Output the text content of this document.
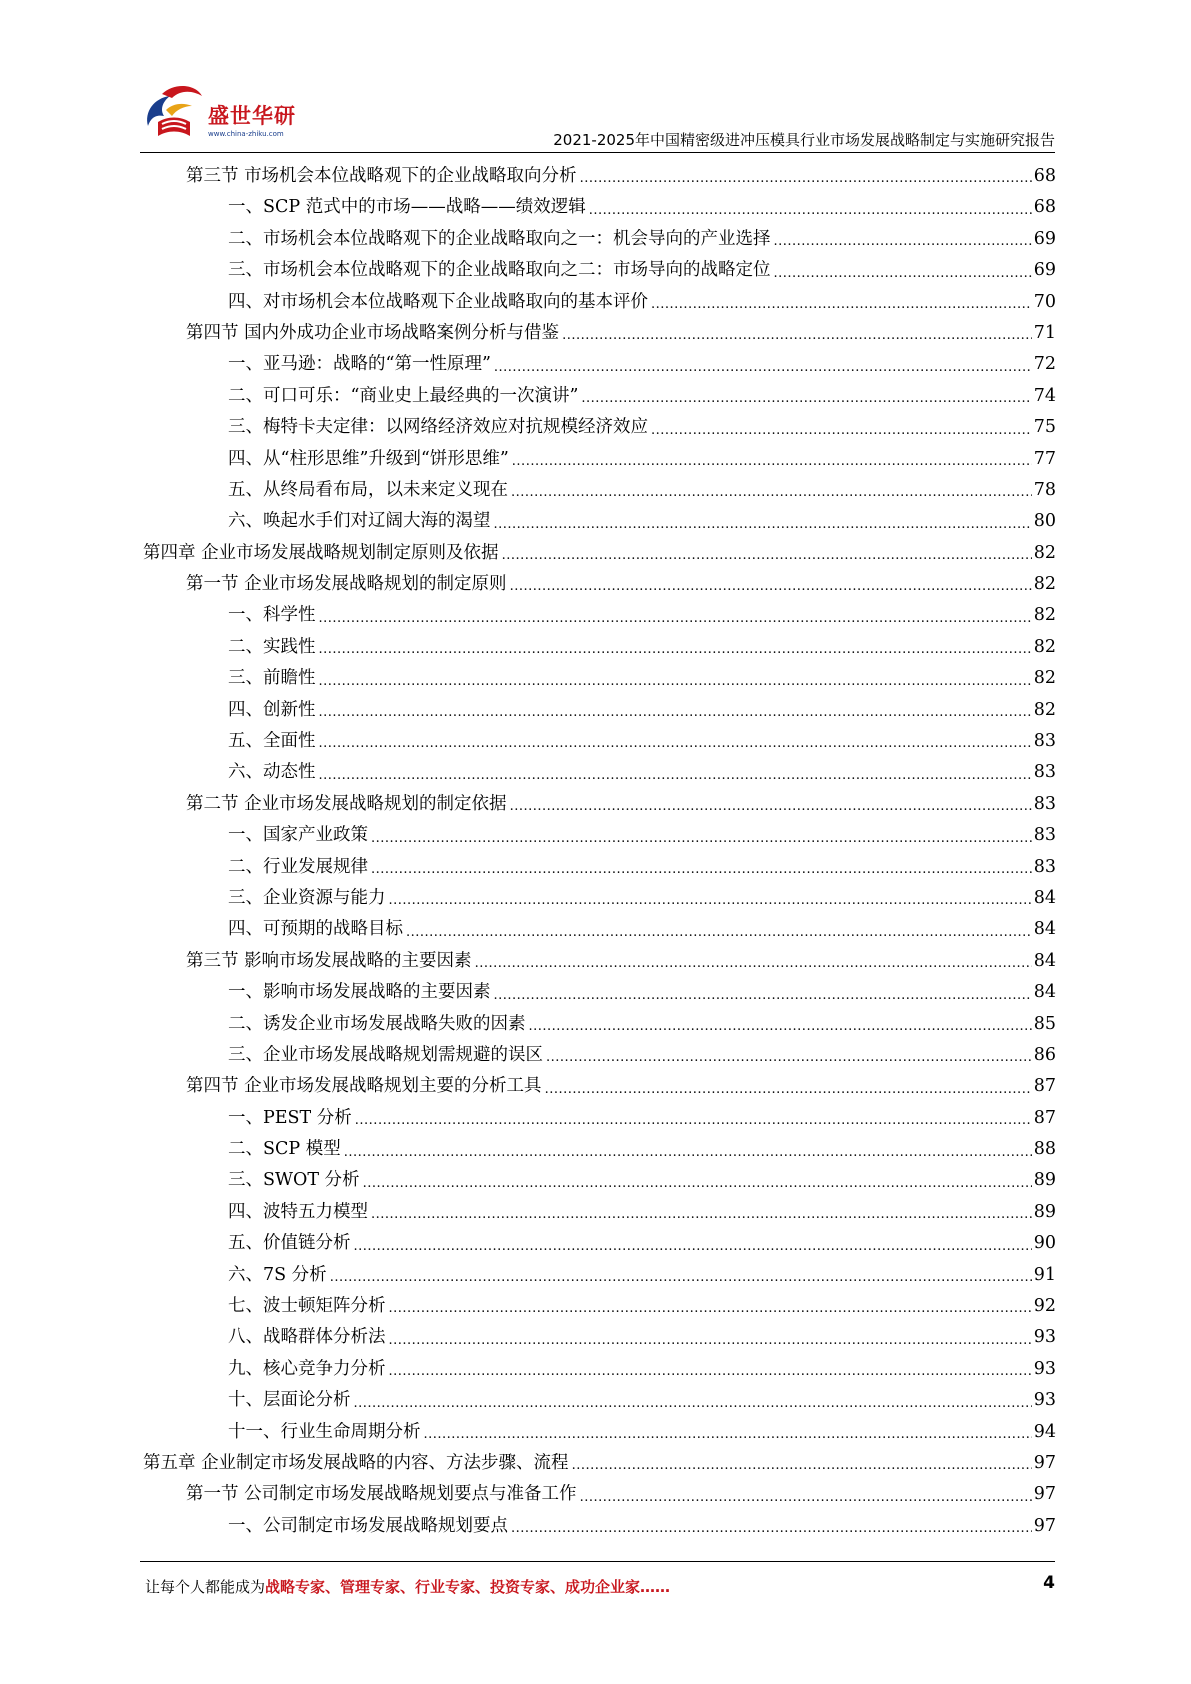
盛世华研
www.china-zhiku.com	2021-2025年中国精密级进冲压模具行业市场发展战略制定与实施研究报告
第三节 市场机会本位战略观下的企业战略取向分析 .....	68
一、SCP 范式中的市场——战略——绩效逻辑 .....	68
二、市场机会本位战略观下的企业战略取向之一：机会导向的产业选择 .....	69
三、市场机会本位战略观下的企业战略取向之二：市场导向的战略定位 .....	69
四、对市场机会本位战略观下企业战略取向的基本评价 .....	70
第四节 国内外成功企业市场战略案例分析与借鉴 .....	71
一、亚马逊：战略的“第一性原理” .....	72
二、可口可乐：“商业史上最经典的一次演讲” .....	74
三、梅特卡夫定律：以网络经济效应对抗规模经济效应 .....	75
四、从“柱形思维”升级到“饼形思维” .....	77
五、从终局看布局，以未来定义现在 .....	78
六、唤起水手们对辽阔大海的渴望 .....	80
第四章 企业市场发展战略规划制定原则及依据 .....	82
第一节 企业市场发展战略规划的制定原则 .....	82
一、科学性 .....	82
二、实践性 .....	82
三、前瞻性 .....	82
四、创新性 .....	82
五、全面性 .....	83
六、动态性 .....	83
第二节 企业市场发展战略规划的制定依据 .....	83
一、国家产业政策 .....	83
二、行业发展规律 .....	83
三、企业资源与能力 .....	84
四、可预期的战略目标 .....	84
第三节 影响市场发展战略的主要因素 .....	84
一、影响市场发展战略的主要因素 .....	84
二、诱发企业市场发展战略失败的因素 .....	85
三、企业市场发展战略规划需规避的误区 .....	86
第四节 企业市场发展战略规划主要的分析工具 .....	87
一、PEST 分析 .....	87
二、SCP 模型 .....	88
三、SWOT 分析 .....	89
四、波特五力模型 .....	89
五、价值链分析 .....	90
六、7S 分析 .....	91
七、波士顿矩阵分析 .....	92
八、战略群体分析法 .....	93
九、核心竞争力分析 .....	93
十、层面论分析 .....	93
十一、行业生命周期分析 .....	94
第五章 企业制定市场发展战略的内容、方法步骤、流程 .....	97
第一节 公司制定市场发展战略规划要点与准备工作 .....	97
一、公司制定市场发展战略规划要点 .....	97
让每个人都能成为战略专家、管理专家、行业专家、投资专家、成功企业家……	4
